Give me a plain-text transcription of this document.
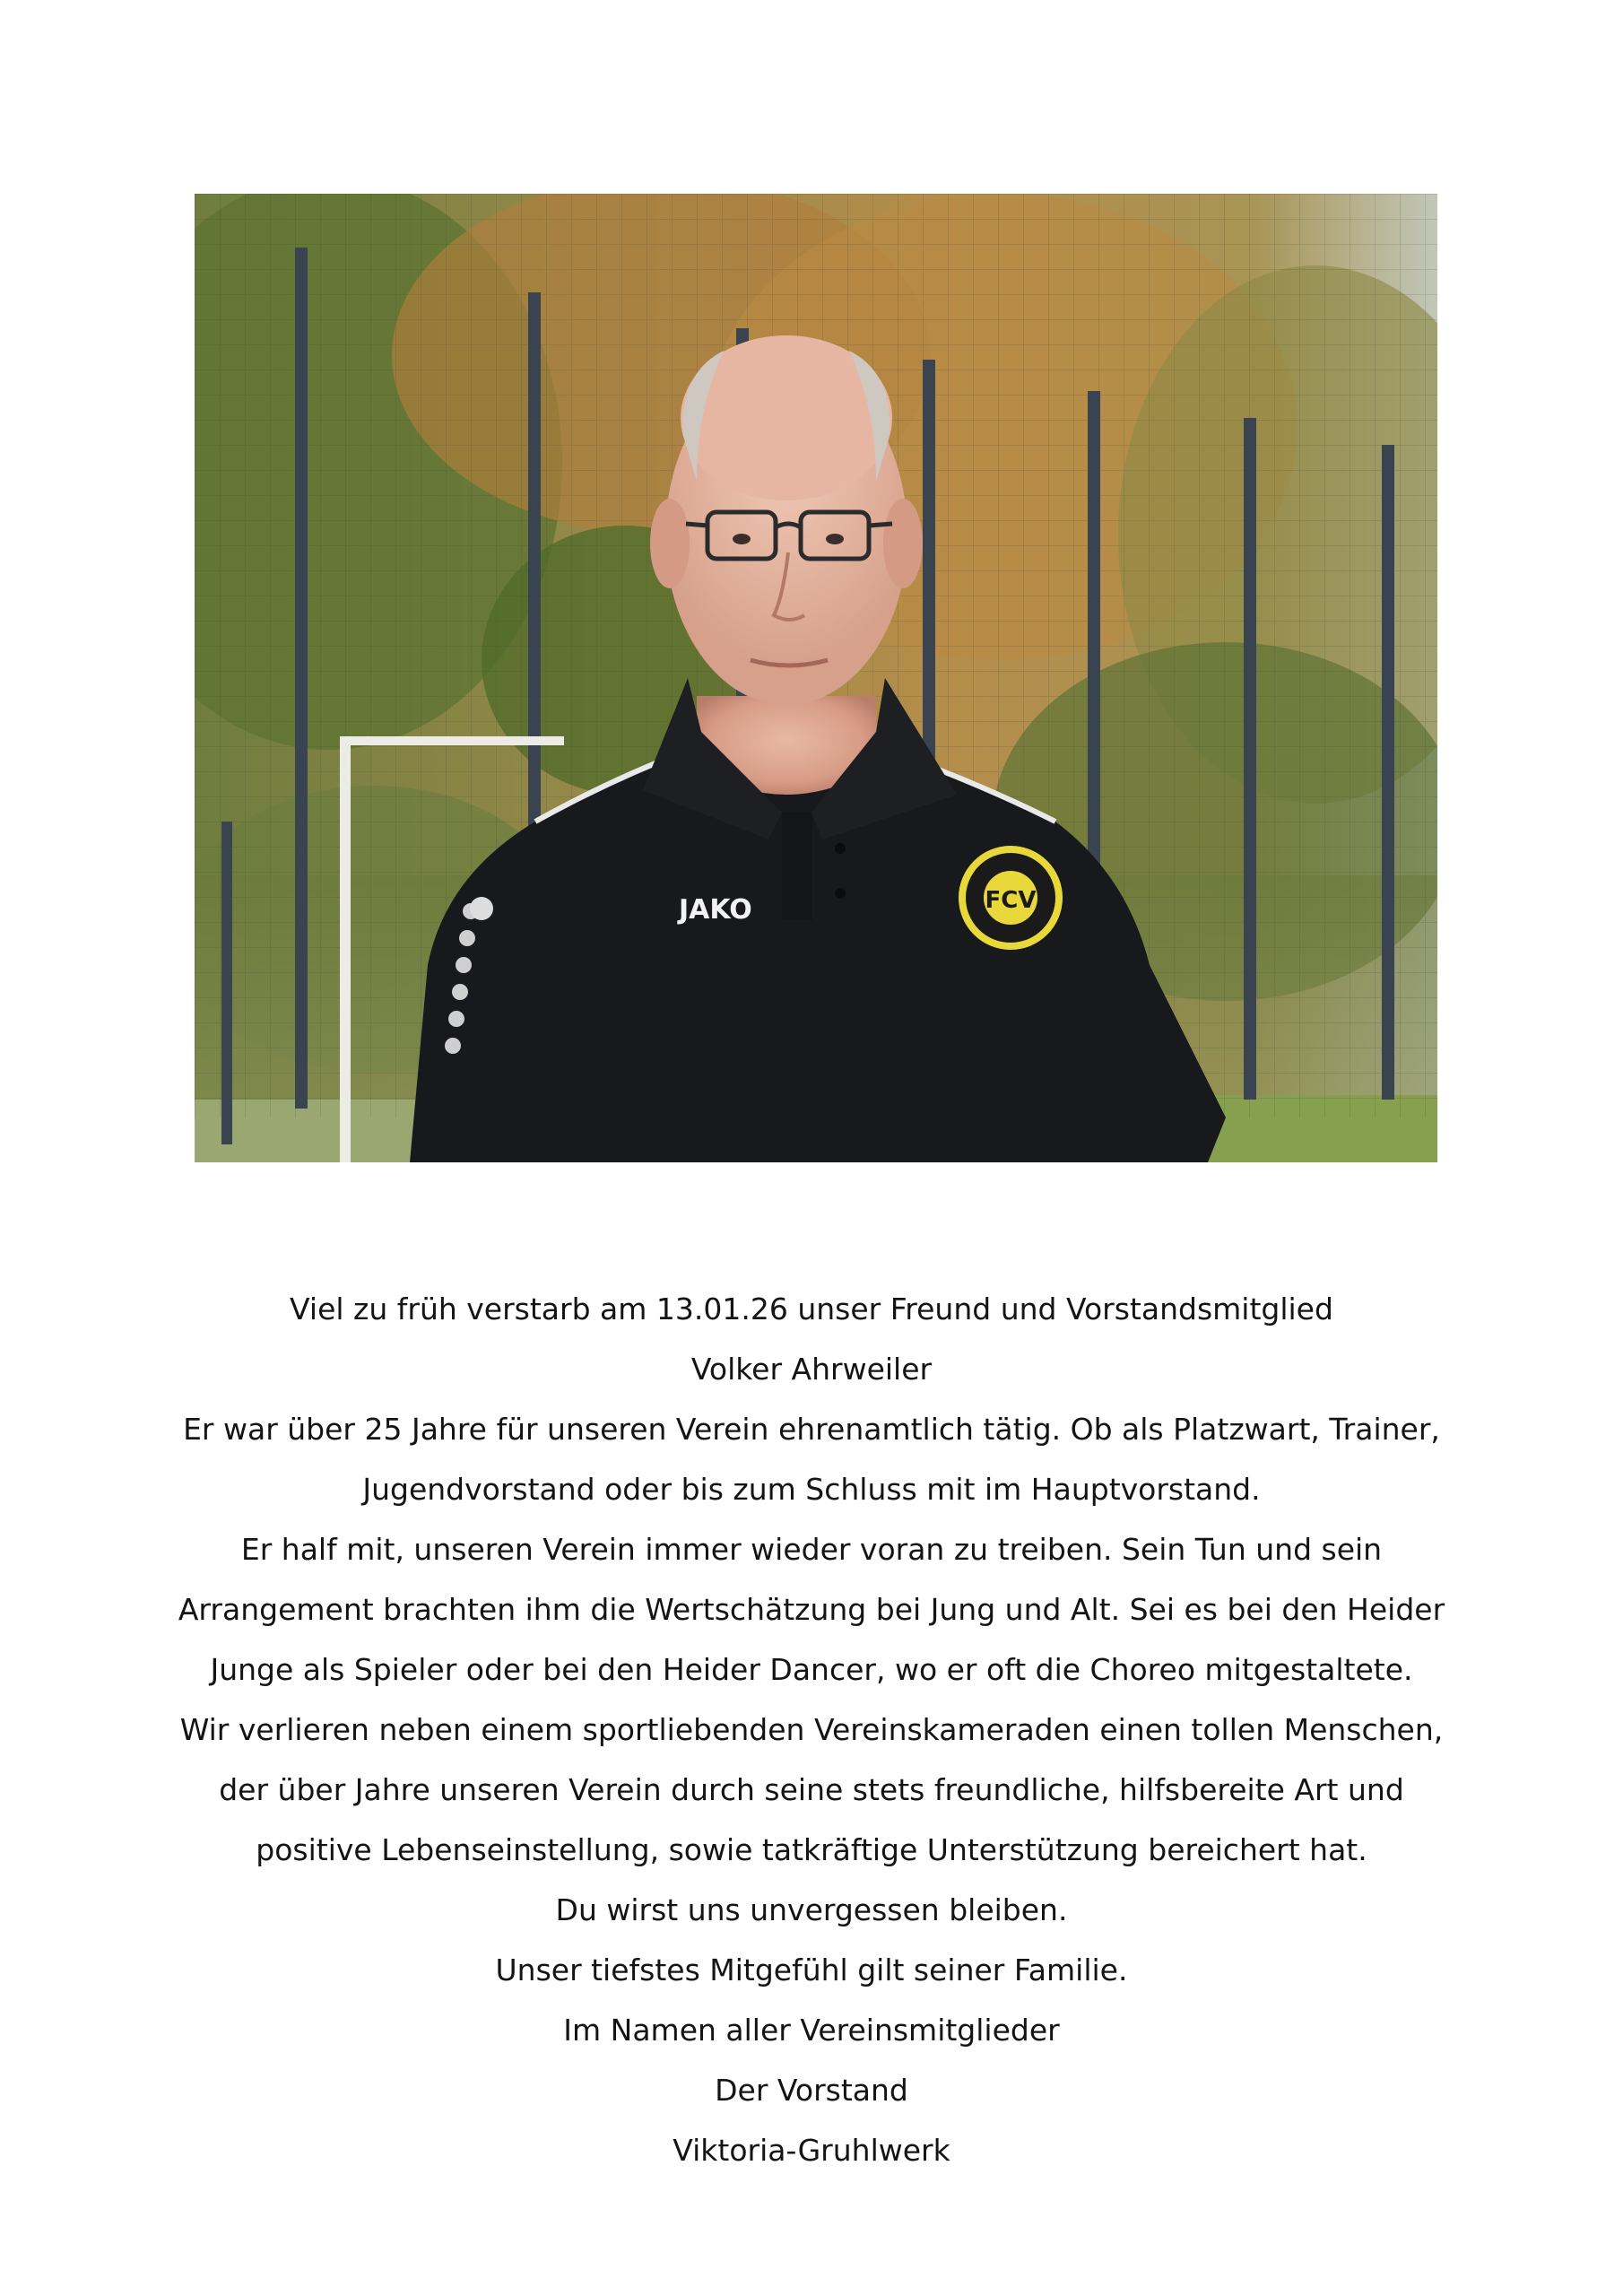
JAKO	FCV

Viel zu früh verstarb am 13.01.26 unser Freund und Vorstandsmitglied

Volker Ahrweiler

Er war über 25 Jahre für unseren Verein ehrenamtlich tätig. Ob als Platzwart, Trainer,

Jugendvorstand oder bis zum Schluss mit im Hauptvorstand.

Er half mit, unseren Verein immer wieder voran zu treiben. Sein Tun und sein

Arrangement brachten ihm die Wertschätzung bei Jung und Alt. Sei es bei den Heider

Junge als Spieler oder bei den Heider Dancer, wo er oft die Choreo mitgestaltete.

Wir verlieren neben einem sportliebenden Vereinskameraden einen tollen Menschen,

der über Jahre unseren Verein durch seine stets freundliche, hilfsbereite Art und

positive Lebenseinstellung, sowie tatkräftige Unterstützung bereichert hat.

Du wirst uns unvergessen bleiben.

Unser tiefstes Mitgefühl gilt seiner Familie.

Im Namen aller Vereinsmitglieder

Der Vorstand

Viktoria-Gruhlwerk
